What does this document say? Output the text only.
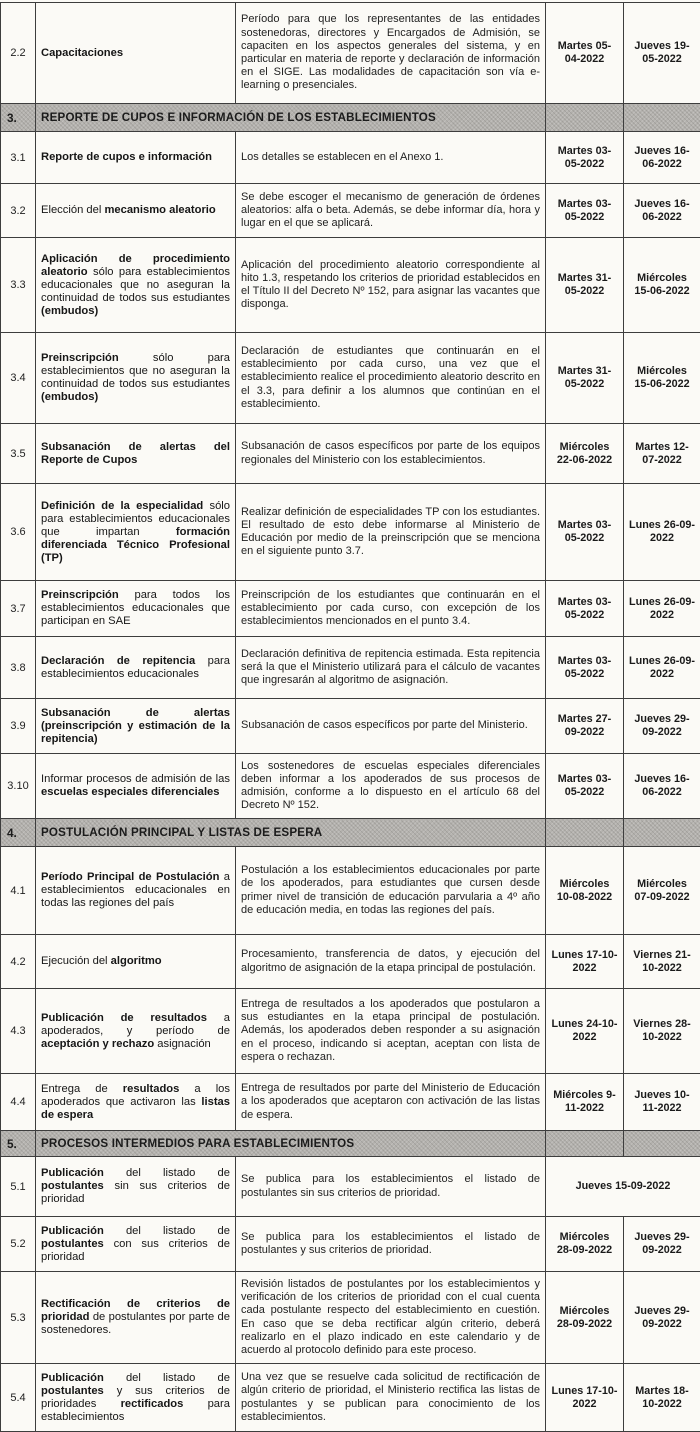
2.2	Capacitaciones	Período para que los representantes de las entidades sostenedoras, directores y Encargados de Admisión, se capaciten en los aspectos generales del sistema, y en particular en materia de reporte y declaración de información en el SIGE. Las modalidades de capacitación son vía e-learning o presenciales.	Martes 05-04-2022	Jueves 19-05-2022
3.	REPORTE DE CUPOS E INFORMACIÓN DE LOS ESTABLECIMIENTOS			
3.1	Reporte de cupos e información	Los detalles se establecen en el Anexo 1.	Martes 03-05-2022	Jueves 16-06-2022
3.2	Elección del mecanismo aleatorio	Se debe escoger el mecanismo de generación de órdenes aleatorios: alfa o beta. Además, se debe informar día, hora y lugar en el que se aplicará.	Martes 03-05-2022	Jueves 16-06-2022
3.3	Aplicación de procedimiento aleatorio sólo para establecimientos educacionales que no aseguran la continuidad de todos sus estudiantes (embudos)	Aplicación del procedimiento aleatorio correspondiente al hito 1.3, respetando los criterios de prioridad establecidos en el Título II del Decreto Nº 152, para asignar las vacantes que disponga.	Martes 31-05-2022	Miércoles 15-06-2022
3.4	Preinscripción sólo para establecimientos que no aseguran la continuidad de todos sus estudiantes (embudos)	Declaración de estudiantes que continuarán en el establecimiento por cada curso, una vez que el establecimiento realice el procedimiento aleatorio descrito en el 3.3, para definir a los alumnos que continúan en el establecimiento.	Martes 31-05-2022	Miércoles 15-06-2022
3.5	Subsanación de alertas del Reporte de Cupos	Subsanación de casos específicos por parte de los equipos regionales del Ministerio con los establecimientos.	Miércoles 22-06-2022	Martes 12-07-2022
3.6	Definición de la especialidad sólo para establecimientos educacionales que impartan formación diferenciada Técnico Profesional (TP)	Realizar definición de especialidades TP con los estudiantes. El resultado de esto debe informarse al Ministerio de Educación por medio de la preinscripción que se menciona en el siguiente punto 3.7.	Martes 03-05-2022	Lunes 26-09-2022
3.7	Preinscripción para todos los establecimientos educacionales que participan en SAE	Preinscripción de los estudiantes que continuarán en el establecimiento por cada curso, con excepción de los establecimientos mencionados en el punto 3.4.	Martes 03-05-2022	Lunes 26-09-2022
3.8	Declaración de repitencia para establecimientos educacionales	Declaración definitiva de repitencia estimada. Esta repitencia será la que el Ministerio utilizará para el cálculo de vacantes que ingresarán al algoritmo de asignación.	Martes 03-05-2022	Lunes 26-09-2022
3.9	Subsanación de alertas (preinscripción y estimación de la repitencia)	Subsanación de casos específicos por parte del Ministerio.	Martes 27-09-2022	Jueves 29-09-2022
3.10	Informar procesos de admisión de las escuelas especiales diferenciales	Los sostenedores de escuelas especiales diferenciales deben informar a los apoderados de sus procesos de admisión, conforme a lo dispuesto en el artículo 68 del Decreto Nº 152.	Martes 03-05-2022	Jueves 16-06-2022
4.	POSTULACIÓN PRINCIPAL Y LISTAS DE ESPERA			
4.1	Período Principal de Postulación a establecimientos educacionales en todas las regiones del país	Postulación a los establecimientos educacionales por parte de los apoderados, para estudiantes que cursen desde primer nivel de transición de educación parvularia a 4º año de educación media, en todas las regiones del país.	Miércoles 10-08-2022	Miércoles 07-09-2022
4.2	Ejecución del algoritmo	Procesamiento, transferencia de datos, y ejecución del algoritmo de asignación de la etapa principal de postulación.	Lunes 17-10-2022	Viernes 21-10-2022
4.3	Publicación de resultados a apoderados, y período de aceptación y rechazo asignación	Entrega de resultados a los apoderados que postularon a sus estudiantes en la etapa principal de postulación. Además, los apoderados deben responder a su asignación en el proceso, indicando si aceptan, aceptan con lista de espera o rechazan.	Lunes 24-10-2022	Viernes 28-10-2022
4.4	Entrega de resultados a los apoderados que activaron las listas de espera	Entrega de resultados por parte del Ministerio de Educación a los apoderados que aceptaron con activación de las listas de espera.	Miércoles 9-11-2022	Jueves 10-11-2022
5.	PROCESOS INTERMEDIOS PARA ESTABLECIMIENTOS			
5.1	Publicación del listado de postulantes sin sus criterios de prioridad	Se publica para los establecimientos el listado de postulantes sin sus criterios de prioridad.	Jueves 15-09-2022	
5.2	Publicación del listado de postulantes con sus criterios de prioridad	Se publica para los establecimientos el listado de postulantes y sus criterios de prioridad.	Miércoles 28-09-2022	Jueves 29-09-2022
5.3	Rectificación de criterios de prioridad de postulantes por parte de sostenedores.	Revisión listados de postulantes por los establecimientos y verificación de los criterios de prioridad con el cual cuenta cada postulante respecto del establecimiento en cuestión. En caso que se deba rectificar algún criterio, deberá realizarlo en el plazo indicado en este calendario y de acuerdo al protocolo definido para este proceso.	Miércoles 28-09-2022	Jueves 29-09-2022
5.4	Publicación del listado de postulantes y sus criterios de prioridades rectificados para establecimientos	Una vez que se resuelve cada solicitud de rectificación de algún criterio de prioridad, el Ministerio rectifica las listas de postulantes y se publican para conocimiento de los establecimientos.	Lunes 17-10-2022	Martes 18-10-2022
